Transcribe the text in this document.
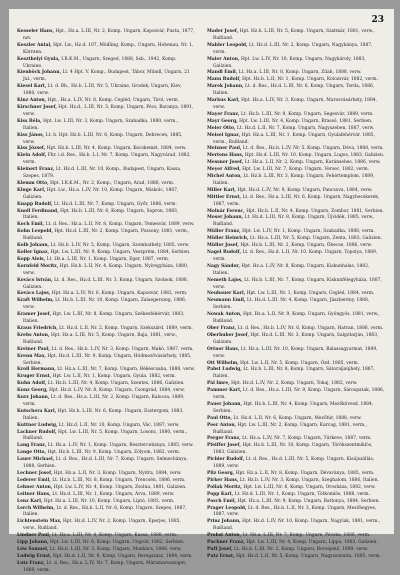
23

Kesseler Hans, Hpt., Hz.a. L.III, Nr. 2, Komp. Ungarn, Kaposvár, Pusta, 1877, nzv.

Keszler Antal, Hpt. Lw., Hz.d. 107, Mödling, Komp., Ungarn, Hohenau, Nr. 1, Kärnten.

Keszthelyi Gyula, I.R.K.M., Ungarn, Szeged, 1888, Ssb., 1942, Komp. Ukraine.

Kienböck Johann, Lt. 4 Hpt. V. Komp., Budapest, Tábor, Mündl, Ungarn, 21 Jul., verm.

Kiesel Karl, Lt. d. Bh., Hz.b. L.III, Nr. 5, Ukraine, Grodek, Ungarn, Kiev, 1880, verw.

Kinz Anton, Hpt., Hz.a. L.IV, Nr. 8, Komp. Cegléd, Ungarn, Tirol, verm.

Kirschner Josef, Hpt. Hz.d., L.III, Nr. 3, Komp. Ungarn, Pécs, Baranya, 1891, verw.

Kiss Béla, Hpt. Lw. L.III, Nr. 3, Komp. Ungarn, Szabadka, 1880, verm., Italien.

Kiss János, Lt. b. Hpt. Hz.b. L.III, Nr. 6, Komp. Ungarn, Debrecen, 1885, verw.

Kiss József, Hpt. Hz.b. L.III, Nr. 4, Komp. Ungarn, Kecskemét, 1884, verw.

Klein Adolf, Fhr. i.d. Res., Hz.b. L.I, Nr. 7, Komp. Ungarn, Nagyvárad, 1882, verm.

Kleinert Franz, Lt. Hz.d. L.III, Nr. 10, Komp., Budapest, Ungarn, Kassa, Szepes, 1879.

Klemm Otto, Hpt. I.R.K.M., Nr. 2, Komp., Ungarn, Arad, 1886, verm.

Kluge Karl, Hpt. Lw., Hz.a. L.IV, Nr. 10, Komp. Ungarn, Miskolc, 1887, Galizien.

Knapp Rudolf, Lt. Hz.d. L.III, Nr. 7, Komp. Ungarn, Győr, 1886, verm.

Knoll Ferdinand, Hpt. Hz.b. L.III, Nr. 6, Komp. Ungarn, Sopron, 1883, Italien.

Koch Emil, Lt. d. Res., Hz.a. L.II, Nr. 8, Komp. Ungarn, Temesvár, 1889, verw.

Kohn Leopold, Hpt. Hz.d. L.III, Nr. 2, Komp. Ungarn, Pozsony, 1881, verm., Rußland.

Kolb Johann, Lt. Hz.b. L.IV, Nr. 5, Komp. Ungarn, Szombathely, 1885, verw.

Koller Ignaz, Hpt. Lw. L.III, Nr. 9, Komp. Ungarn, Veszprém, 1884, Serbien.

Kopp Alois, Lt. Hz.a. L.III, Nr. 1, Komp. Ungarn, Eger, 1887, verm.

Kornfeld Moritz, Hpt. Hz.b. L.II, Nr. 4, Komp. Ungarn, Nyíregyháza, 1880, verw.

Kovács István, Lt. d. Res., Hz.d. L.III, Nr. 3, Komp. Ungarn, Szolnok, 1888, Galizien.

Kovács Lajos, Hpt. Hz.a. L.IV, Nr. 6, Komp. Ungarn, Kaposvár, 1882, verm.

Kraft Wilhelm, Lt. Hz.b. L.III, Nr. 10, Komp. Ungarn, Zalaegerszeg, 1886, verw.

Kramer Josef, Hpt. Lw. L.III, Nr. 8, Komp. Ungarn, Székesfehérvár, 1883, Italien.

Kraus Friedrich, Lt. Hz.d. L.II, Nr. 2, Komp. Ungarn, Szekszárd, 1889, verm.

Krebs Anton, Hpt. Hz.a. L.III, Nr. 5, Komp. Ungarn, Baja, 1881, verw., Rußland.

Kreiner Paul, Lt. d. Res., Hz.b. L.IV, Nr. 3, Komp. Ungarn, Makó, 1887, verm.

Krenn Max, Hpt. Hz.d. L.III, Nr. 9, Komp. Ungarn, Hódmezővásárhely, 1885, Serbien.

Kroll Hermann, Lt. Hz.a. L.III, Nr. 7, Komp. Ungarn, Békéscsaba, 1888, verw.

Kruger Ernst, Hpt. Lw. L.II, Nr. 1, Komp. Ungarn, Gyula, 1882, verm.

Kuhn Adolf, Lt. Hz.b. L.III, Nr. 4, Komp. Ungarn, Szentes, 1886, Galizien.

Kunz Georg, Hpt. Hz.d. L.IV, Nr. 8, Komp. Ungarn, Csongrád, 1884, verw.

Kurz Johann, Lt. d. Res., Hz.a. L.III, Nr. 2, Komp. Ungarn, Kalocsa, 1889, verm.

Kutschera Karl, Hpt. Hz.b. L.III, Nr. 6, Komp. Ungarn, Esztergom, 1883, Italien.

Kuttner Ludwig, Lt. Hz.d. L.II, Nr. 10, Komp. Ungarn, Vác, 1887, verw.

Lackner Rudolf, Hpt. Lw. L.III, Nr. 5, Komp. Ungarn, Losonc, 1880, verm., Rußland.

Lang Franz, Lt. Hz.a. L.IV, Nr. 1, Komp. Ungarn, Besztercebánya, 1885, verw.

Lange Otto, Hpt. Hz.b. L.III, Nr. 9, Komp. Ungarn, Zólyom, 1882, verm.

Lauer Michael, Lt. d. Res., Hz.d. L.III, Nr. 7, Komp. Ungarn, Selmecbánya, 1888, Serbien.

Lechner Josef, Hpt. Hz.a. L.II, Nr. 3, Komp. Ungarn, Nyitra, 1884, verw.

Lederer Emil, Lt. Hz.b. L.III, Nr. 8, Komp. Ungarn, Trencsén, 1886, verm.

Lehner Anton, Hpt. Lw. L.IV, Nr. 4, Komp. Ungarn, Zsolna, 1881, Galizien.

Leitner Hans, Lt. Hz.d. L.III, Nr. 1, Komp. Ungarn, Árva, 1889, verw.

Lenz Karl, Hpt. Hz.a. L.III, Nr. 10, Komp. Ungarn, Liptó, 1883, verm.

Lerch Wilhelm, Lt. d. Res., Hz.b. L.II, Nr. 6, Komp. Ungarn, Szepes, 1887, Italien.

Lichtenstein Max, Hpt. Hz.d. L.IV, Nr. 2, Komp. Ungarn, Eperjes, 1885, verw., Rußland.

Lindner Paul, Lt. Hz.a. L.III, Nr. 4, Komp. Ungarn, Kassa, 1888, verm.

Lipp Johann, Hpt. Lw. L.III, Nr. 6, Komp. Ungarn, Ungvár, 1882, Serbien.

Löw Samuel, Lt. Hz.b. L.III, Nr. 3, Komp. Ungarn, Munkács, 1886, verw.

Ludwig Ernst, Hpt. Hz.d. L.II, Nr. 9, Komp. Ungarn, Beregszász, 1884, verm.

Lutz Franz, Lt. d. Res., Hz.a. L.IV, Nr. 7, Komp. Ungarn, Máramarossziget, 1889, verm.

Mader Josef, Hpt. Hz.b. L.III, Nr. 5, Komp. Ungarn, Szatmár, 1881, verw., Rußland.

Mahler Leopold, Lt. Hz.d. L.III, Nr. 2, Komp. Ungarn, Nagybánya, 1887, verm.

Maier Anton, Hpt. Lw. L.IV, Nr. 10, Komp. Ungarn, Nagykároly, 1883, Galizien.

Mandl Emil, Lt. Hz.a. L.III, Nr. 8, Komp. Ungarn, Zilah, 1888, verw.

Mann Rudolf, Hpt. Hz.b. L.II, Nr. 1, Komp. Ungarn, Kolozsvár, 1882, verm.

Marek Johann, Lt. d. Res., Hz.d. L.III, Nr. 6, Komp. Ungarn, Torda, 1886, Italien.

Markus Karl, Hpt. Hz.a. L.IV, Nr. 3, Komp. Ungarn, Marosvásárhely, 1884, verw.

Mayer Franz, Lt. Hz.b. L.III, Nr. 9, Komp. Ungarn, Segesvár, 1889, verm.

Mayr Georg, Hpt. Lw. L.III, Nr. 4, Komp. Ungarn, Brassó, 1881, Serbien.

Meier Otto, Lt. Hz.d. L.II, Nr. 7, Komp. Ungarn, Nagyszeben, 1887, verw.

Meisel Ignaz, Hpt. Hz.a. L.III, Nr. 1, Komp. Ungarn, Gyulafehérvár, 1885, verm., Rußland.

Meixner Paul, Lt. d. Res., Hz.b. L.IV, Nr. 5, Komp. Ungarn, Déva, 1888, verm.

Mertens Hans, Hpt. Hz.d. L.III, Nr. 10, Komp. Ungarn, Lugos, 1883, Galizien.

Messner Josef, Lt. Hz.a. L.II, Nr. 2, Komp. Ungarn, Karánsebes, 1886, verw.

Meyer Alfred, Hpt. Lw. L.III, Nr. 7, Komp. Ungarn, Versec, 1882, verm.

Michel Anton, Lt. Hz.b. L.III, Nr. 3, Komp. Ungarn, Fehértemplom, 1889, Italien.

Miller Karl, Hpt. Hz.d. L.IV, Nr. 9, Komp. Ungarn, Pancsova, 1884, verw.

Mittler Ernst, Lt. d. Res., Hz.a. L.III, Nr. 6, Komp. Ungarn, Nagybecskerek, 1887, verm.

Molnár Ferenc, Hpt. Hz.b. L.II, Nr. 4, Komp. Ungarn, Zombor, 1881, Serbien.

Moser Johann, Lt. Hz.d. L.III, Nr. 8, Komp. Ungarn, Újvidék, 1885, verw., Rußland.

Müller Franz, Hpt. Lw. L.IV, Nr. 1, Komp. Ungarn, Szabadka, 1888, verm.

Müller Heinrich, Lt. Hz.a. L.III, Nr. 5, Komp. Ungarn, Zenta, 1883, Galizien.

Müller Josef, Hpt. Hz.b. L.III, Nr. 2, Komp. Ungarn, Óbecse, 1886, verw.

Nagel Rudolf, Lt. d. Res., Hz.d. L.II, Nr. 10, Komp. Ungarn, Topolya, 1889, verm.

Nagy Sándor, Hpt. Hz.a. L.IV, Nr. 8, Komp. Ungarn, Kiskunhalas, 1882, Italien.

Nemeth Lajos, Lt. Hz.b. L.III, Nr. 7, Komp. Ungarn, Kiskunfélegyháza, 1887, verw.

Neubauer Karl, Hpt. Lw. L.III, Nr. 1, Komp. Ungarn, Cegléd, 1884, verm.

Neumann Emil, Lt. Hz.d. L.III, Nr. 4, Komp. Ungarn, Jászberény, 1888, Serbien.

Nowak Anton, Hpt. Hz.a. L.II, Nr. 9, Komp. Ungarn, Gyöngyös, 1881, verw., Rußland.

Ober Franz, Lt. d. Res., Hz.b. L.IV, Nr. 6, Komp. Ungarn, Hatvan, 1886, verm.

Oberhuber Josef, Hpt. Hz.d. L.III, Nr. 3, Komp. Ungarn, Salgótarján, 1883, Galizien.

Ortner Hans, Lt. Hz.a. L.III, Nr. 10, Komp. Ungarn, Balassagyarmat, 1889, verw.

Ott Wilhelm, Hpt. Lw. L.II, Nr. 5, Komp. Ungarn, Ózd, 1885, verm.

Pabst Ludwig, Lt. Hz.b. L.III, Nr. 8, Komp. Ungarn, Sátoraljaújhely, 1887, Italien.

Pál Imre, Hpt. Hz.d. L.IV, Nr. 2, Komp. Ungarn, Tokaj, 1882, verw.

Pammer Karl, Lt. d. Res., Hz.a. L.III, Nr. 9, Komp. Ungarn, Sárospatak, 1886, verm.

Pauer Johann, Hpt. Hz.b. L.III, Nr. 4, Komp. Ungarn, Mezőkövesd, 1884, Serbien.

Paul Otto, Lt. Hz.d. L.II, Nr. 6, Komp. Ungarn, Mezőtúr, 1888, verw.

Peer Anton, Hpt. Lw. L.III, Nr. 2, Komp. Ungarn, Karcag, 1881, verm., Rußland.

Perger Franz, Lt. Hz.a. L.IV, Nr. 7, Komp. Ungarn, Túrkeve, 1887, verm.

Pfeiffer Josef, Hpt. Hz.b. L.III, Nr. 10, Komp. Ungarn, Törökszentmiklós, 1883, Galizien.

Pichler Rudolf, Lt. d. Res., Hz.d. L.III, Nr. 5, Komp. Ungarn, Kisújszállás, 1889, verw.

Pilz Georg, Hpt. Hz.a. L.II, Nr. 8, Komp. Ungarn, Dévaványa, 1885, verm.

Pirker Hans, Lt. Hz.b. L.IV, Nr. 3, Komp. Ungarn, Szeghalom, 1886, Italien.

Pollak Moritz, Hpt. Lw. L.III, Nr. 6, Komp. Ungarn, Orosháza, 1882, verw.

Popp Karl, Lt. Hz.d. L.III, Nr. 1, Komp. Ungarn, Tótkomlós, 1888, verm.

Posch Emil, Hpt. Hz.a. L.III, Nr. 9, Komp. Ungarn, Battonya, 1884, Serbien.

Prager Leopold, Lt. d. Res., Hz.b. L.II, Nr. 3, Komp. Ungarn, Mezőhegyes, 1887, verw.

Prinz Johann, Hpt. Hz.d. L.IV, Nr. 10, Komp. Ungarn, Nagylak, 1881, verm., Rußland.

Probst Anton, Lt. Hz.a. L.III, Nr. 7, Komp. Ungarn, Pécska, 1886, verm.

Puchner Franz, Hpt. Lw. L.III, Nr. 4, Komp. Ungarn, Lippa, 1883, Galizien.

Puff Josef, Lt. Hz.b. L.III, Nr. 2, Komp. Ungarn, Borosjenő, 1889, verw.

Putz Ernst, Hpt. Hz.d. L.II, Nr. 5, Komp. Ungarn, Nagyszalonta, 1885, verm.
